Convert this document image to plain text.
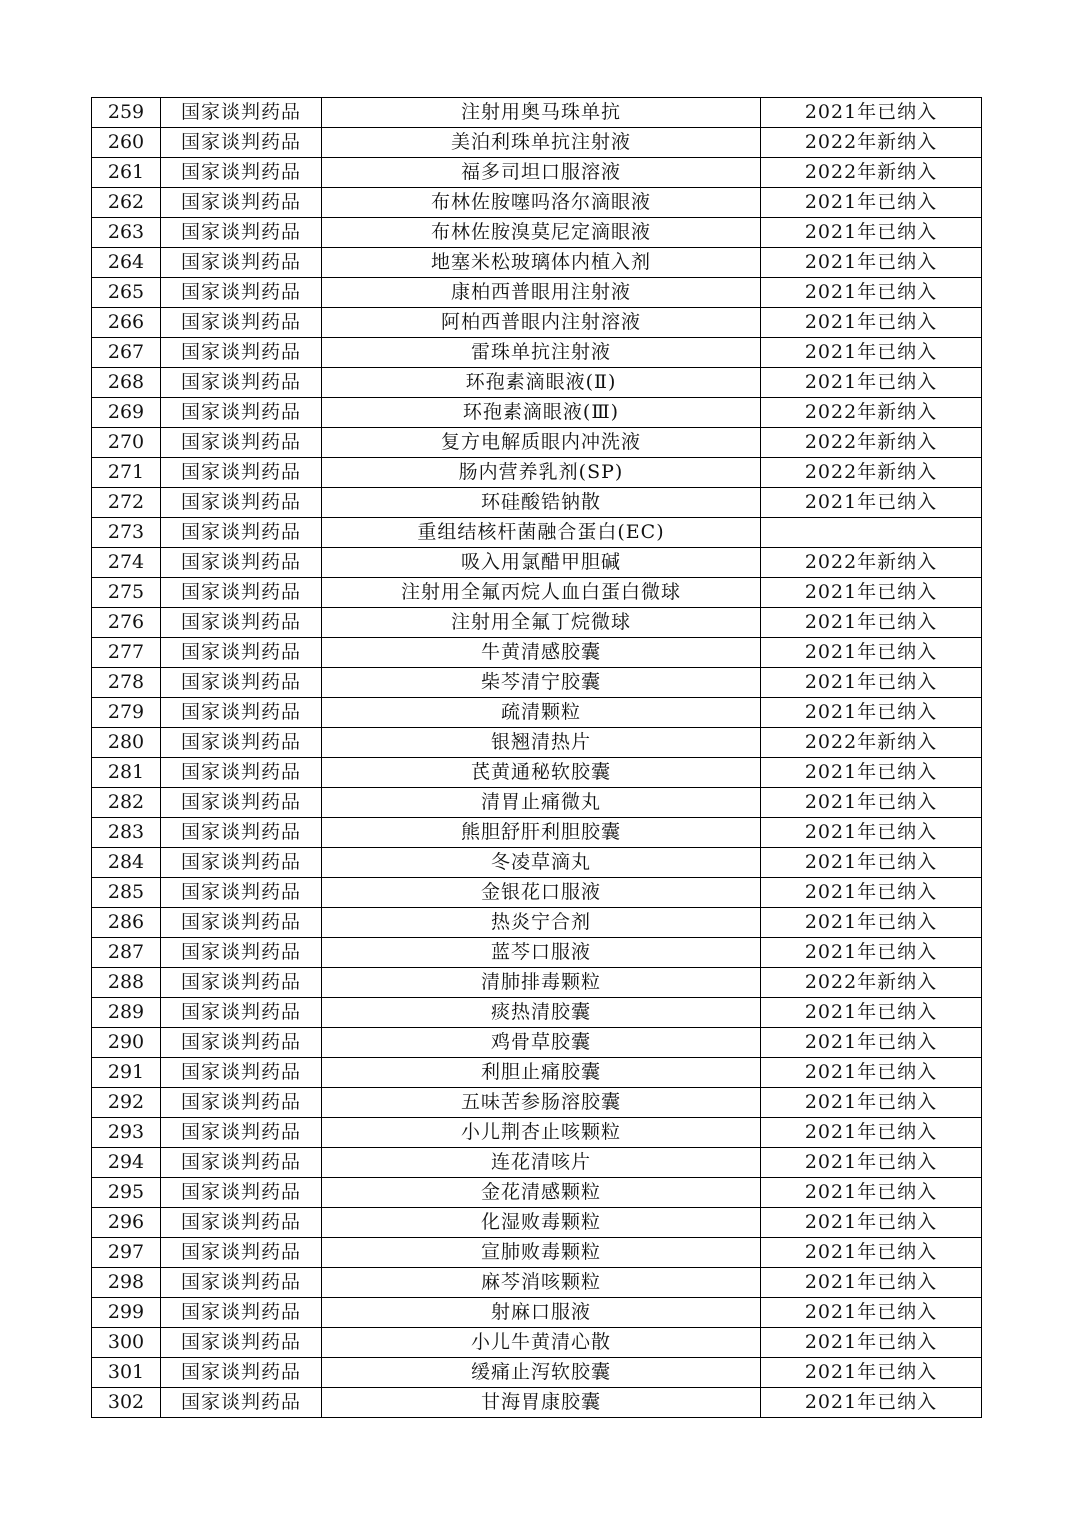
259	国家谈判药品	注射用奥马珠单抗	2021年已纳入
260	国家谈判药品	美泊利珠单抗注射液	2022年新纳入
261	国家谈判药品	福多司坦口服溶液	2022年新纳入
262	国家谈判药品	布林佐胺噻吗洛尔滴眼液	2021年已纳入
263	国家谈判药品	布林佐胺溴莫尼定滴眼液	2021年已纳入
264	国家谈判药品	地塞米松玻璃体内植入剂	2021年已纳入
265	国家谈判药品	康柏西普眼用注射液	2021年已纳入
266	国家谈判药品	阿柏西普眼内注射溶液	2021年已纳入
267	国家谈判药品	雷珠单抗注射液	2021年已纳入
268	国家谈判药品	环孢素滴眼液(Ⅱ)	2021年已纳入
269	国家谈判药品	环孢素滴眼液(Ⅲ)	2022年新纳入
270	国家谈判药品	复方电解质眼内冲洗液	2022年新纳入
271	国家谈判药品	肠内营养乳剂(SP)	2022年新纳入
272	国家谈判药品	环硅酸锆钠散	2021年已纳入
273	国家谈判药品	重组结核杆菌融合蛋白(EC)	
274	国家谈判药品	吸入用氯醋甲胆碱	2022年新纳入
275	国家谈判药品	注射用全氟丙烷人血白蛋白微球	2021年已纳入
276	国家谈判药品	注射用全氟丁烷微球	2021年已纳入
277	国家谈判药品	牛黄清感胶囊	2021年已纳入
278	国家谈判药品	柴芩清宁胶囊	2021年已纳入
279	国家谈判药品	疏清颗粒	2021年已纳入
280	国家谈判药品	银翘清热片	2022年新纳入
281	国家谈判药品	芪黄通秘软胶囊	2021年已纳入
282	国家谈判药品	清胃止痛微丸	2021年已纳入
283	国家谈判药品	熊胆舒肝利胆胶囊	2021年已纳入
284	国家谈判药品	冬凌草滴丸	2021年已纳入
285	国家谈判药品	金银花口服液	2021年已纳入
286	国家谈判药品	热炎宁合剂	2021年已纳入
287	国家谈判药品	蓝芩口服液	2021年已纳入
288	国家谈判药品	清肺排毒颗粒	2022年新纳入
289	国家谈判药品	痰热清胶囊	2021年已纳入
290	国家谈判药品	鸡骨草胶囊	2021年已纳入
291	国家谈判药品	利胆止痛胶囊	2021年已纳入
292	国家谈判药品	五味苦参肠溶胶囊	2021年已纳入
293	国家谈判药品	小儿荆杏止咳颗粒	2021年已纳入
294	国家谈判药品	连花清咳片	2021年已纳入
295	国家谈判药品	金花清感颗粒	2021年已纳入
296	国家谈判药品	化湿败毒颗粒	2021年已纳入
297	国家谈判药品	宣肺败毒颗粒	2021年已纳入
298	国家谈判药品	麻芩消咳颗粒	2021年已纳入
299	国家谈判药品	射麻口服液	2021年已纳入
300	国家谈判药品	小儿牛黄清心散	2021年已纳入
301	国家谈判药品	缓痛止泻软胶囊	2021年已纳入
302	国家谈判药品	甘海胃康胶囊	2021年已纳入
